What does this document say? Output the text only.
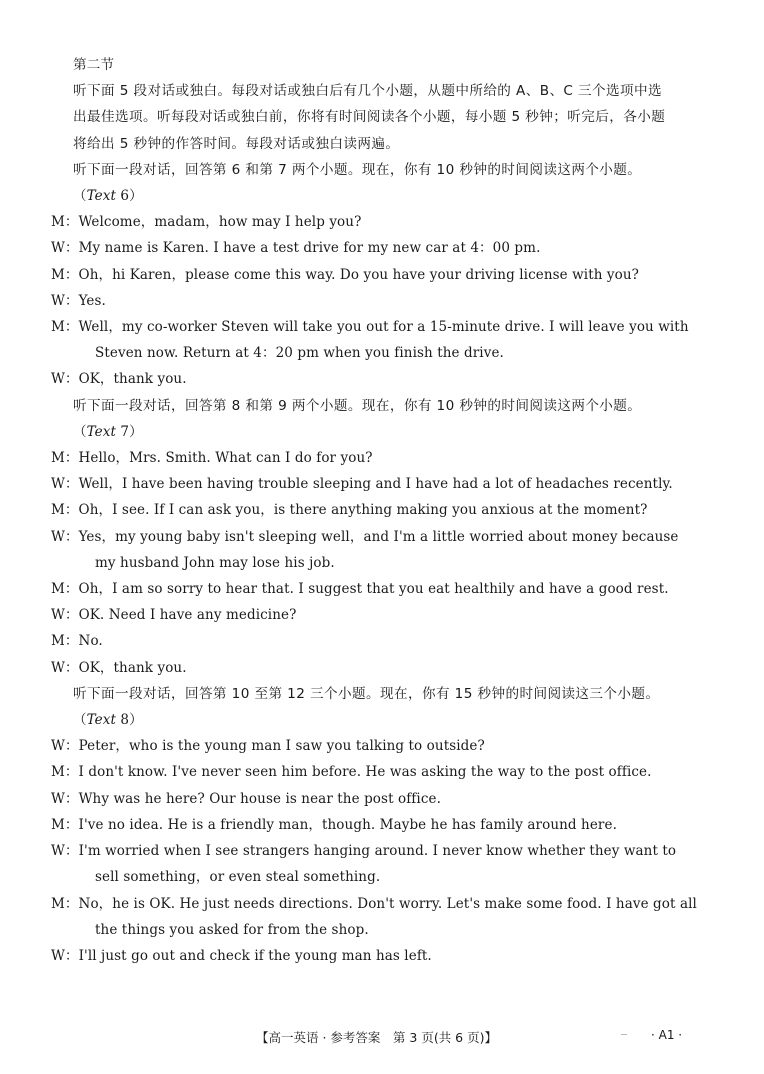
第二节
听下面 5 段对话或独白。每段对话或独白后有几个小题，从题中所给的 A、B、C 三个选项中选
出最佳选项。听每段对话或独白前，你将有时间阅读各个小题，每小题 5 秒钟；听完后，各小题
将给出 5 秒钟的作答时间。每段对话或独白读两遍。
听下面一段对话，回答第 6 和第 7 两个小题。现在，你有 10 秒钟的时间阅读这两个小题。
（Text 6）
M：Welcome，madam，how may I help you?
W：My name is Karen. I have a test drive for my new car at 4：00 pm.
M：Oh，hi Karen，please come this way. Do you have your driving license with you?
W：Yes.
M：Well，my co-worker Steven will take you out for a 15-minute drive. I will leave you with Steven now. Return at 4：20 pm when you finish the drive.
W：OK，thank you.
听下面一段对话，回答第 8 和第 9 两个小题。现在，你有 10 秒钟的时间阅读这两个小题。
（Text 7）
M：Hello，Mrs. Smith. What can I do for you?
W：Well，I have been having trouble sleeping and I have had a lot of headaches recently.
M：Oh，I see. If I can ask you，is there anything making you anxious at the moment?
W：Yes，my young baby isn't sleeping well，and I'm a little worried about money because my husband John may lose his job.
M：Oh，I am so sorry to hear that. I suggest that you eat healthily and have a good rest.
W：OK. Need I have any medicine?
M：No.
W：OK，thank you.
听下面一段对话，回答第 10 至第 12 三个小题。现在，你有 15 秒钟的时间阅读这三个小题。
（Text 8）
W：Peter，who is the young man I saw you talking to outside?
M：I don't know. I've never seen him before. He was asking the way to the post office.
W：Why was he here? Our house is near the post office.
M：I've no idea. He is a friendly man，though. Maybe he has family around here.
W：I'm worried when I see strangers hanging around. I never know whether they want to sell something，or even steal something.
M：No，he is OK. He just needs directions. Don't worry. Let's make some food. I have got all the things you asked for from the shop.
W：I'll just go out and check if the young man has left.
【高一英语 · 参考答案　第 3 页(共 6 页)】	· A1 ·
